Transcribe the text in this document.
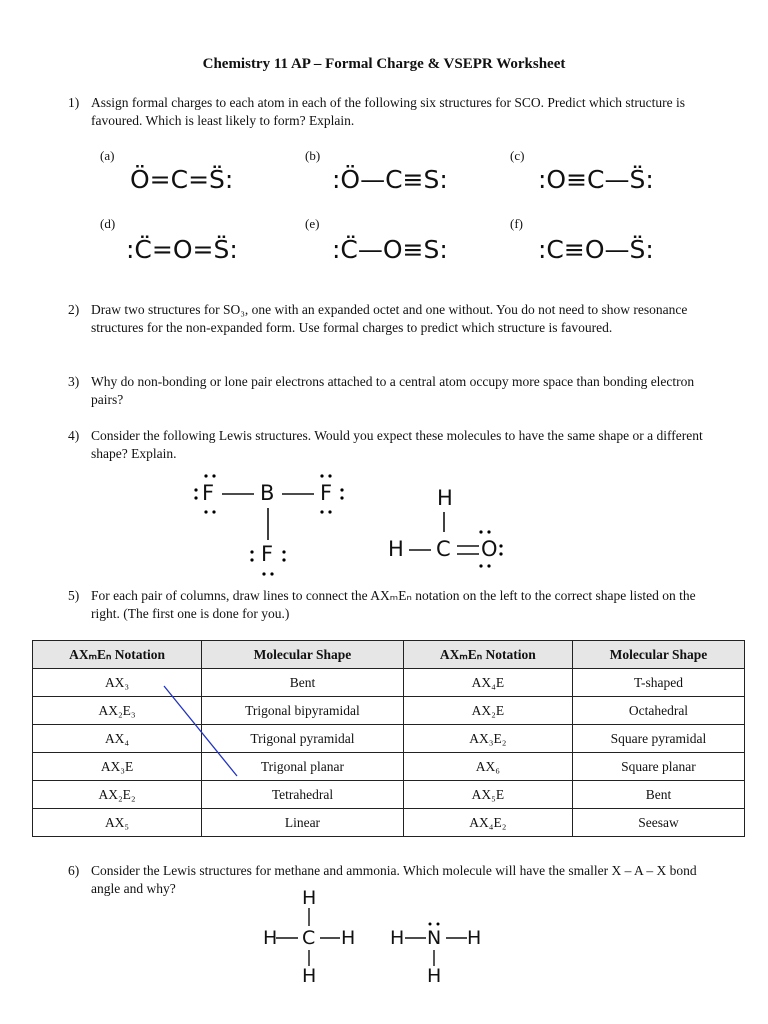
Chemistry 11 AP – Formal Charge & VSEPR Worksheet
1) Assign formal charges to each atom in each of the following six structures for SCO. Predict which structure is favoured. Which is least likely to form? Explain.
(a)
Ö=C=S̈:
(b)
:Ö—C≡S:
(c)
:O≡C—S̈:
(d)
:C̈=O=S̈:
(e)
:C̈—O≡S:
(f)
:C≡O—S̈:
2) Draw two structures for SO₃, one with an expanded octet and one without. You do not need to show resonance structures for the non-expanded form. Use formal charges to predict which structure is favoured.
3) Why do non-bonding or lone pair electrons attached to a central atom occupy more space than bonding electron pairs?
4) Consider the following Lewis structures. Would you expect these molecules to have the same shape or a different shape? Explain.
F B F
F
H
H C O
5) For each pair of columns, draw lines to connect the AXₘEₙ notation on the left to the correct shape listed on the right. (The first one is done for you.)
AXₘEₙ Notation	Molecular Shape	AXₘEₙ Notation	Molecular Shape
AX₃	Bent	AX₄E	T-shaped
AX₂E₃	Trigonal bipyramidal	AX₂E	Octahedral
AX₄	Trigonal pyramidal	AX₃E₂	Square pyramidal
AX₃E	Trigonal planar	AX₆	Square planar
AX₂E₂	Tetrahedral	AX₅E	Bent
AX₅	Linear	AX₄E₂	Seesaw
6) Consider the Lewis structures for methane and ammonia. Which molecule will have the smaller X – A – X bond angle and why?	H
H C H
H
H N H
H
